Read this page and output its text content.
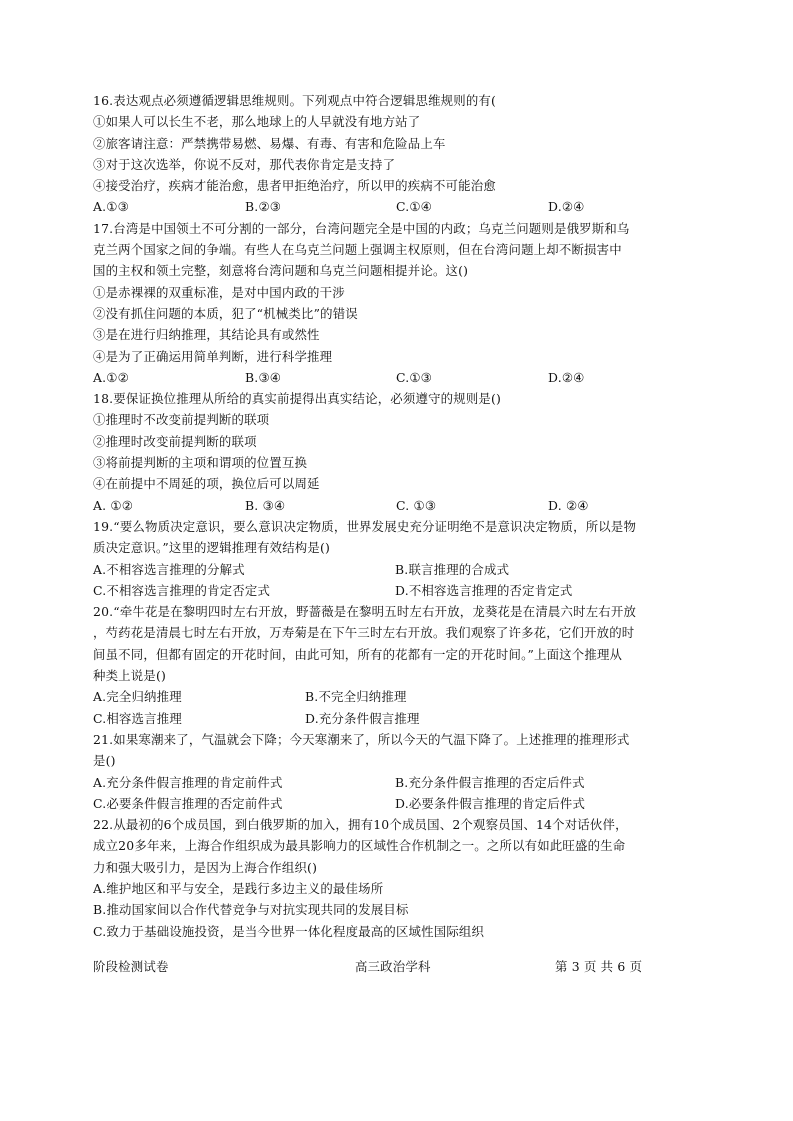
16.表达观点必须遵循逻辑思维规则。下列观点中符合逻辑思维规则的有(
①如果人可以长生不老，那么地球上的人早就没有地方站了
②旅客请注意：严禁携带易燃、易爆、有毒、有害和危险品上车
③对于这次选举，你说不反对，那代表你肯定是支持了
④接受治疗，疾病才能治愈，患者甲拒绝治疗，所以甲的疾病不可能治愈
A.①③	B.②③	C.①④	D.②④
17.台湾是中国领土不可分割的一部分，台湾问题完全是中国的内政；乌克兰问题则是俄罗斯和乌
克兰两个国家之间的争端。有些人在乌克兰问题上强调主权原则，但在台湾问题上却不断损害中
国的主权和领土完整，刻意将台湾问题和乌克兰问题相提并论。这()
①是赤裸裸的双重标准，是对中国内政的干涉
②没有抓住问题的本质，犯了“机械类比”的错误
③是在进行归纳推理，其结论具有或然性
④是为了正确运用简单判断，进行科学推理
A.①②	B.③④	C.①③	D.②④
18.要保证换位推理从所给的真实前提得出真实结论，必须遵守的规则是()
①推理时不改变前提判断的联项
②推理时改变前提判断的联项
③将前提判断的主项和谓项的位置互换
④在前提中不周延的项，换位后可以周延
A. ①②	B. ③④	C. ①③	D. ②④
19.“要么物质决定意识，要么意识决定物质，世界发展史充分证明绝不是意识决定物质，所以是物
质决定意识。”这里的逻辑推理有效结构是()
A.不相容选言推理的分解式	B.联言推理的合成式
C.不相容选言推理的肯定否定式	D.不相容选言推理的否定肯定式
20.“牵牛花是在黎明四时左右开放，野蔷薇是在黎明五时左右开放，龙葵花是在清晨六时左右开放
，芍药花是清晨七时左右开放，万寿菊是在下午三时左右开放。我们观察了许多花，它们开放的时
间虽不同，但都有固定的开花时间，由此可知，所有的花都有一定的开花时间。”上面这个推理从
种类上说是()
A.完全归纳推理	B.不完全归纳推理
C.相容选言推理	D.充分条件假言推理
21.如果寒潮来了，气温就会下降；今天寒潮来了，所以今天的气温下降了。上述推理的推理形式
是()
A.充分条件假言推理的肯定前件式	B.充分条件假言推理的否定后件式
C.必要条件假言推理的否定前件式	D.必要条件假言推理的肯定后件式
22.从最初的6个成员国，到白俄罗斯的加入，拥有10个成员国、2个观察员国、14个对话伙伴，
成立20多年来，上海合作组织成为最具影响力的区域性合作机制之一。之所以有如此旺盛的生命
力和强大吸引力，是因为上海合作组织()
A.维护地区和平与安全，是践行多边主义的最佳场所
B.推动国家间以合作代替竞争与对抗实现共同的发展目标
C.致力于基础设施投资，是当今世界一体化程度最高的区域性国际组织
阶段检测试卷	高三政治学科	第 3 页 共 6 页
